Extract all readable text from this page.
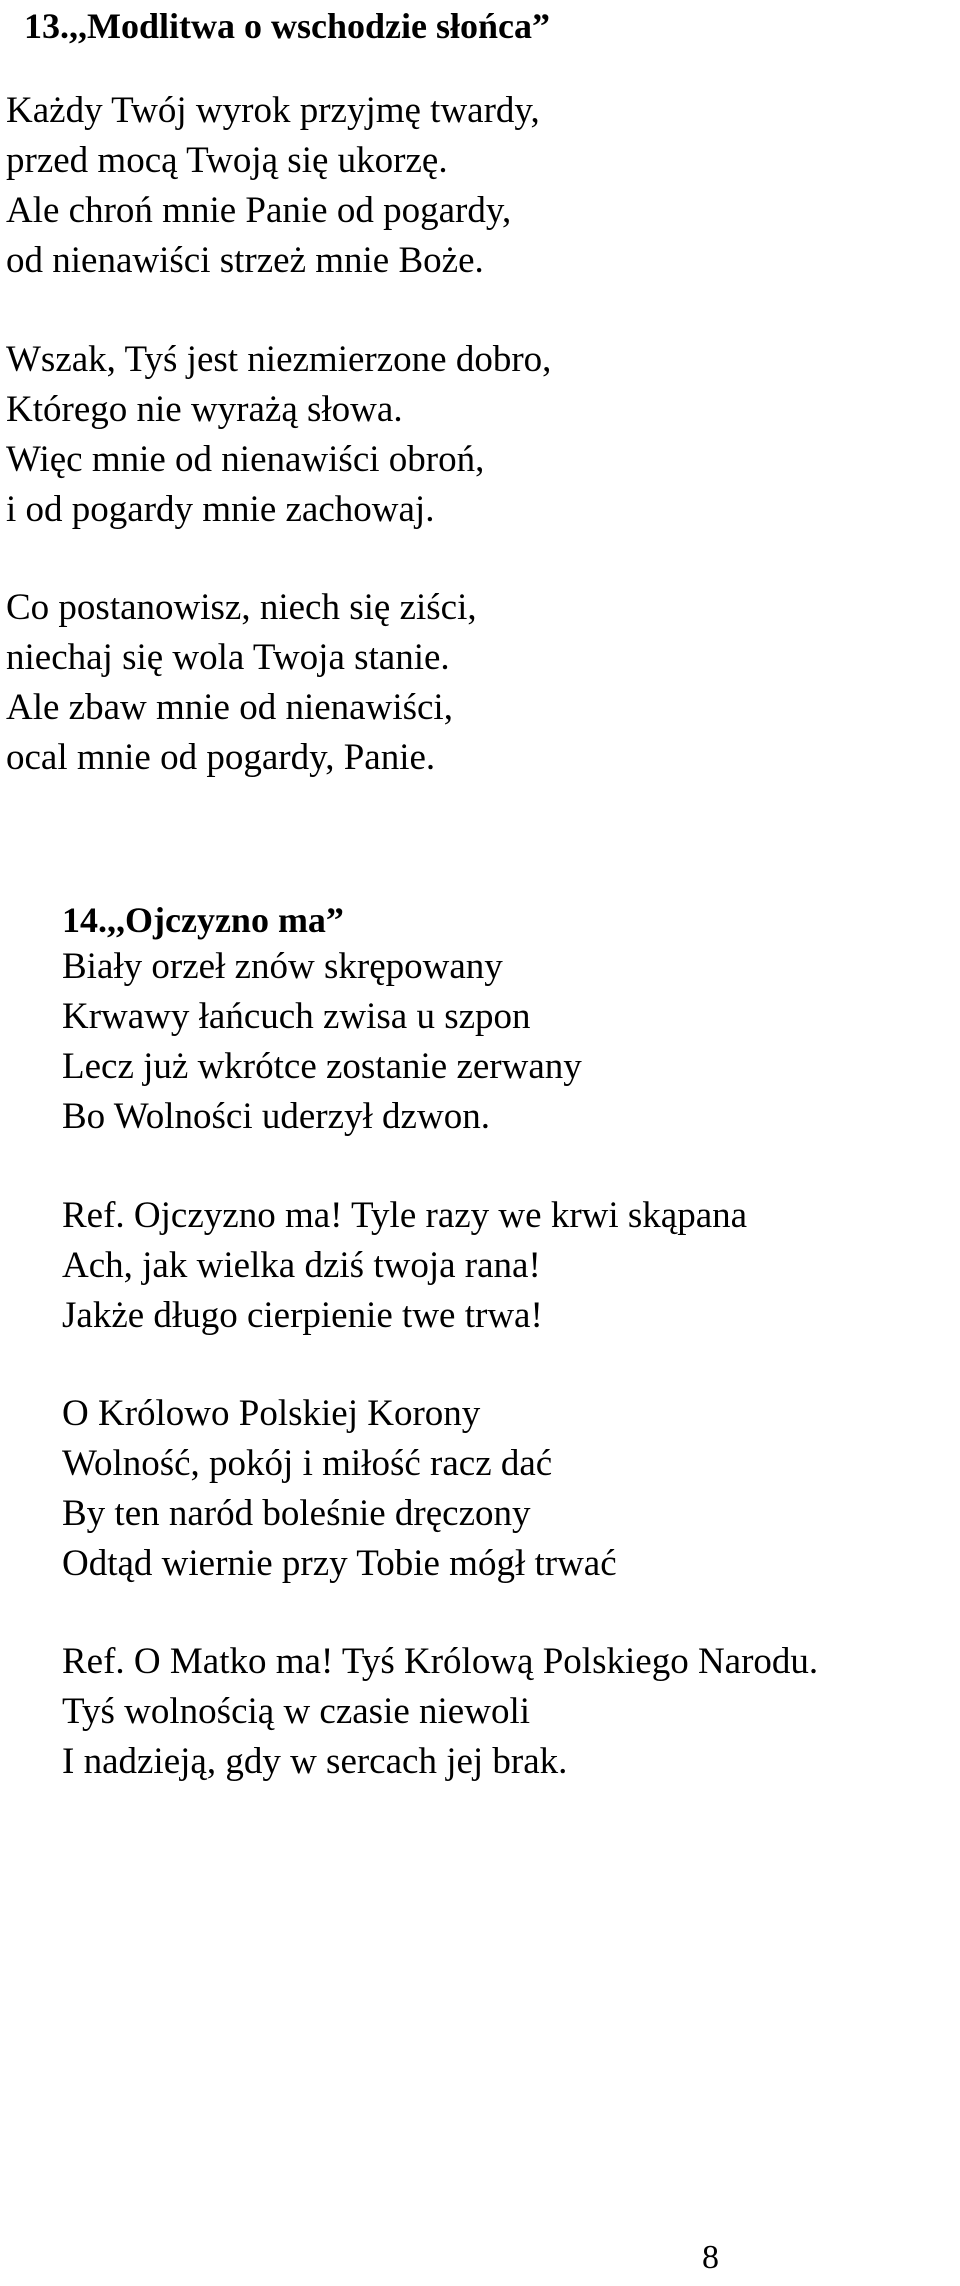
13.,,Modlitwa o wschodzie słońca”
Każdy Twój wyrok przyjmę twardy,
przed mocą Twoją się ukorzę.
Ale chroń mnie Panie od pogardy,
od nienawiści strzeż mnie Boże.
Wszak, Tyś jest niezmierzone dobro,
Którego nie wyrażą słowa.
Więc mnie od nienawiści obroń,
i od pogardy mnie zachowaj.
Co postanowisz, niech się ziści,
niechaj się wola Twoja stanie.
Ale zbaw mnie od nienawiści,
ocal mnie od pogardy, Panie.
14.,,Ojczyzno ma”
Biały orzeł znów skrępowany
Krwawy łańcuch zwisa u szpon
Lecz już wkrótce zostanie zerwany
Bo Wolności uderzył dzwon.
Ref. Ojczyzno ma! Tyle razy we krwi skąpana
Ach, jak wielka dziś twoja rana!
Jakże długo cierpienie twe trwa!
O Królowo Polskiej Korony
Wolność, pokój i miłość racz dać
By ten naród boleśnie dręczony
Odtąd wiernie przy Tobie mógł trwać
Ref. O Matko ma! Tyś Królową Polskiego Narodu.
Tyś wolnością w czasie niewoli
I nadzieją, gdy w sercach jej brak.
8
